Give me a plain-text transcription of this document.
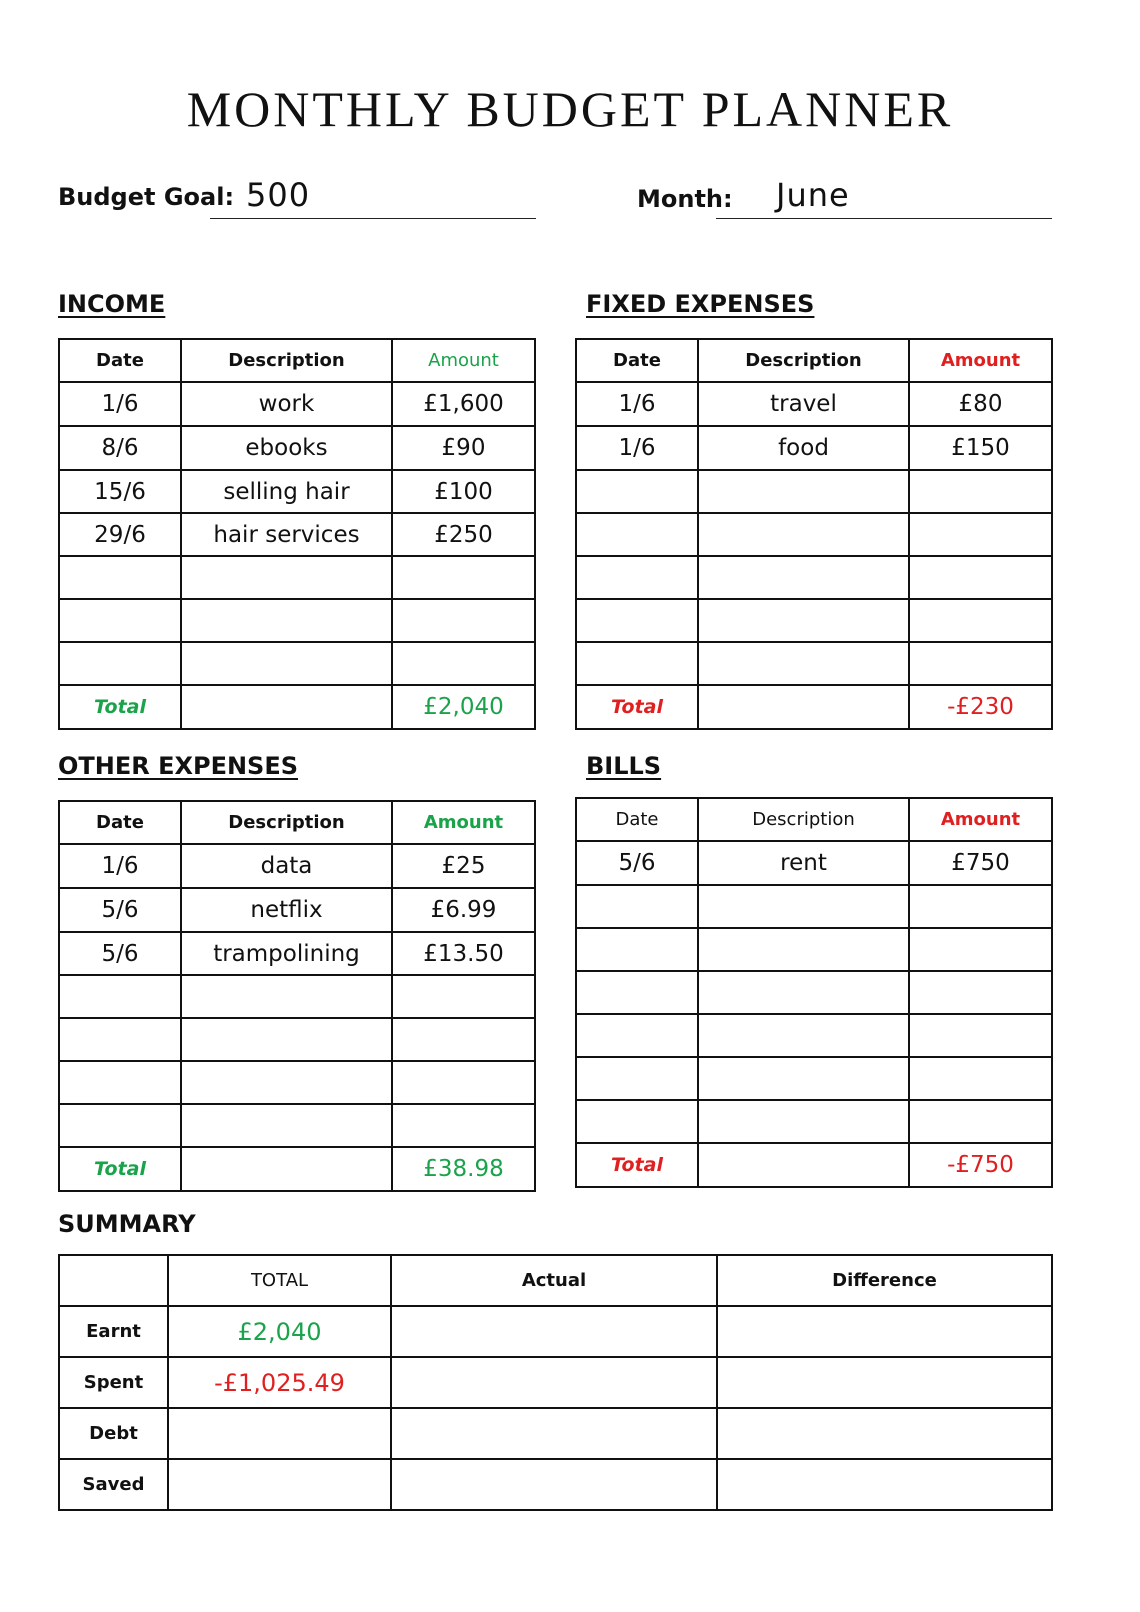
MONTHLY BUDGET PLANNER
Budget Goal: 500	Month: June
INCOME
Date	Description	Amount
1/6	work	£1,600
8/6	ebooks	£90
15/6	selling hair	£100
29/6	hair services	£250

Total		£2,040
FIXED EXPENSES
Date	Description	Amount
1/6	travel	£80
1/6	food	£150

Total		-£230
OTHER EXPENSES
Date	Description	Amount
1/6	data	£25
5/6	netflix	£6.99
5/6	trampolining	£13.50

Total		£38.98
BILLS
Date	Description	Amount
5/6	rent	£750

Total		-£750
SUMMARY
	TOTAL	Actual	Difference
Earnt	£2,040		
Spent	-£1,025.49		
Debt			
Saved			
